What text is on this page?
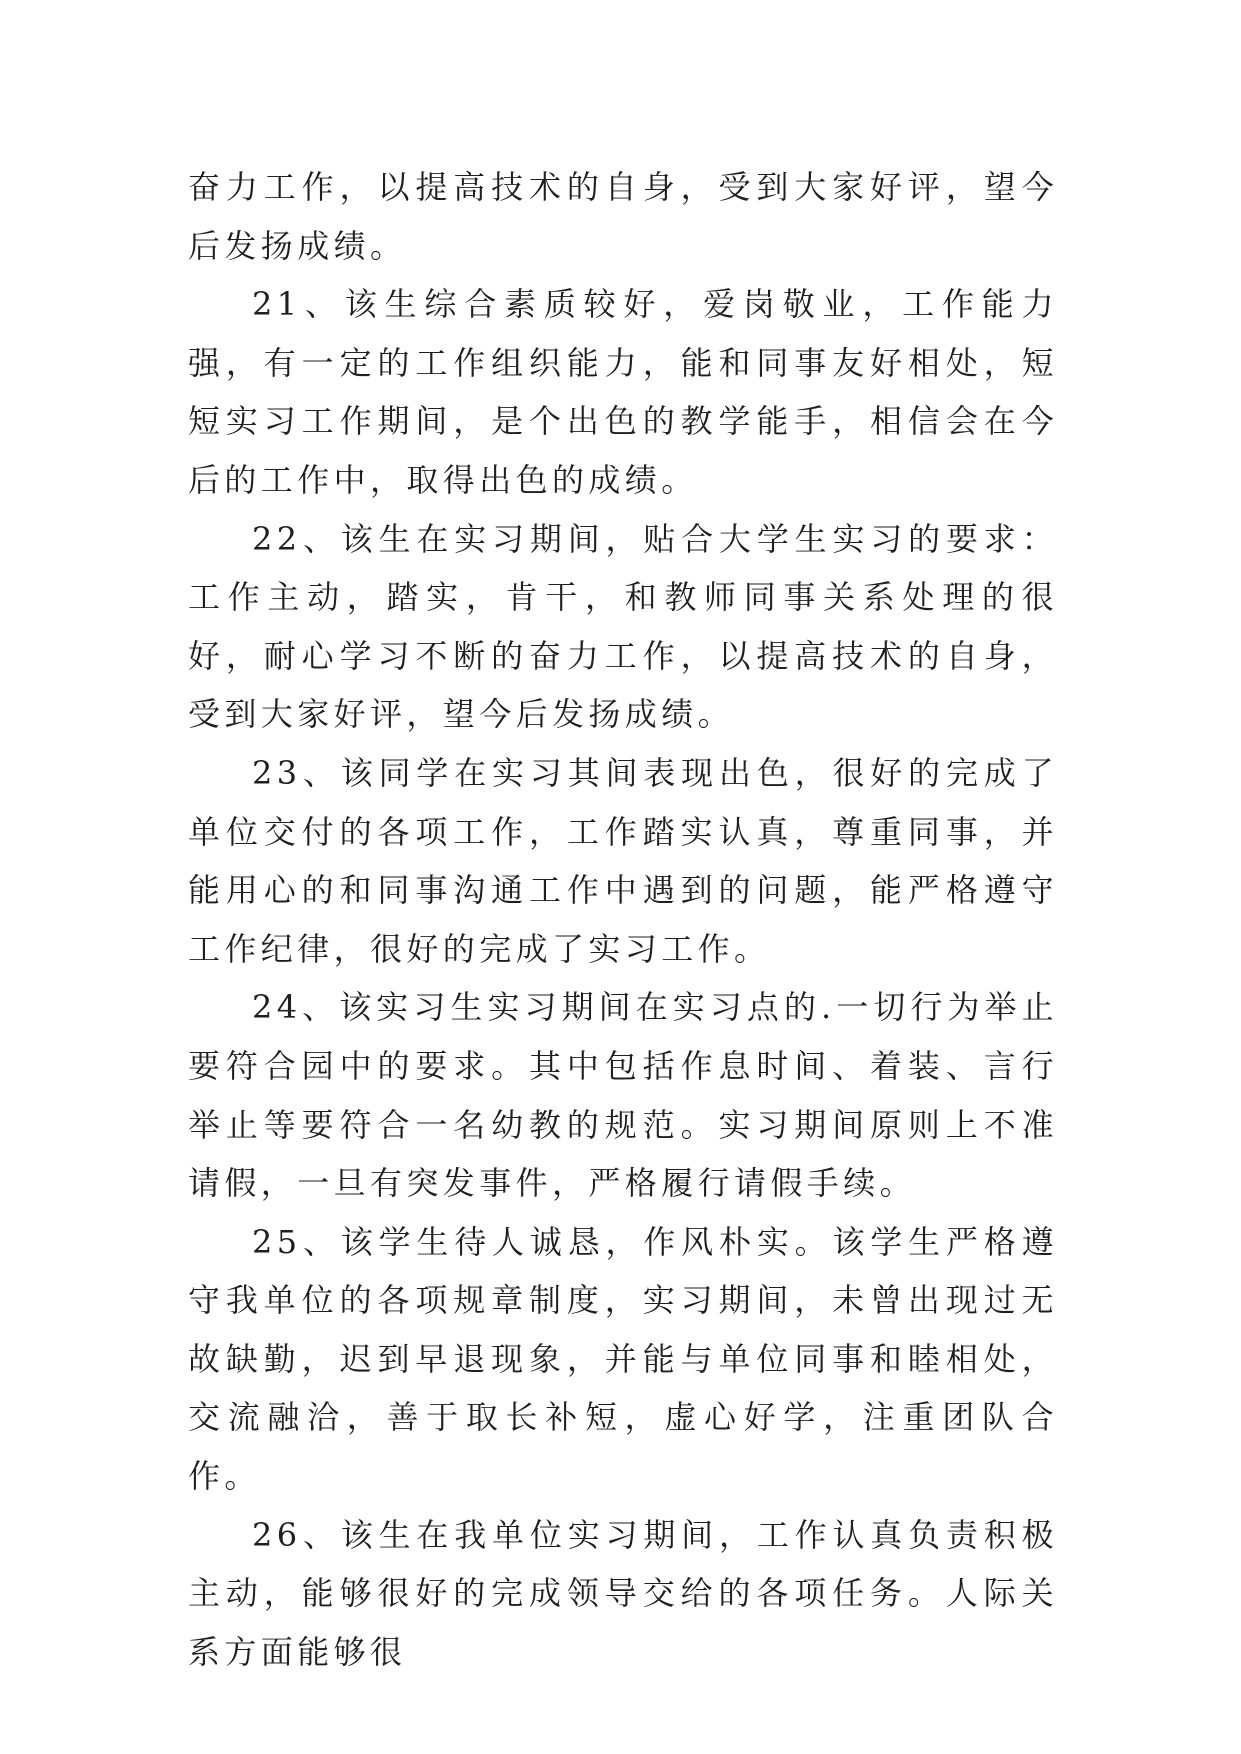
奋力工作，以提高技术的自身，受到大家好评，望今后发扬成绩。

21、该生综合素质较好，爱岗敬业，工作能力强，有一定的工作组织能力，能和同事友好相处，短短实习工作期间，是个出色的教学能手，相信会在今后的工作中，取得出色的成绩。

22、该生在实习期间，贴合大学生实习的要求：工作主动，踏实，肯干，和教师同事关系处理的很好，耐心学习不断的奋力工作，以提高技术的自身，受到大家好评，望今后发扬成绩。

23、该同学在实习其间表现出色，很好的完成了单位交付的各项工作，工作踏实认真，尊重同事，并能用心的和同事沟通工作中遇到的问题，能严格遵守工作纪律，很好的完成了实习工作。

24、该实习生实习期间在实习点的.一切行为举止要符合园中的要求。其中包括作息时间、着装、言行举止等要符合一名幼教的规范。实习期间原则上不准请假，一旦有突发事件，严格履行请假手续。

25、该学生待人诚恳，作风朴实。该学生严格遵守我单位的各项规章制度，实习期间，未曾出现过无故缺勤，迟到早退现象，并能与单位同事和睦相处，交流融洽，善于取长补短，虚心好学，注重团队合作。

26、该生在我单位实习期间，工作认真负责积极主动，能够很好的完成领导交给的各项任务。人际关系方面能够很
